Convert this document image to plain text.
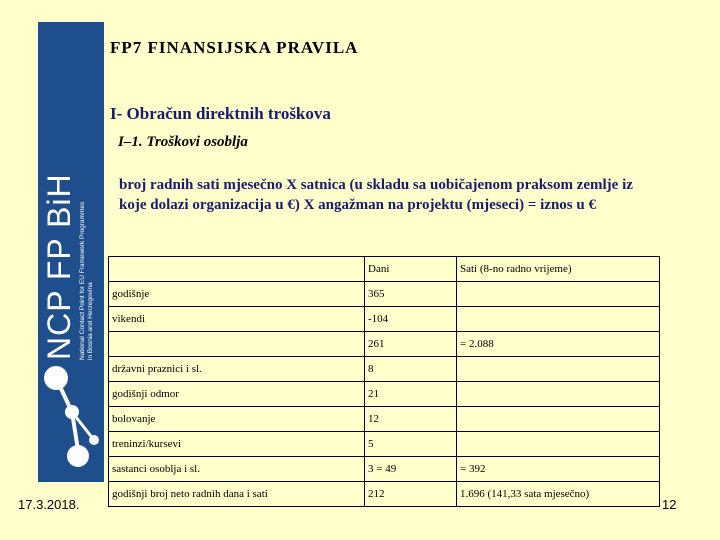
NCP FP BiH National Contact Point for EU Framework Programmes in Bosnia and Herzegovina
FP7 FINANSIJSKA PRAVILA
I- Obračun direktnih troškova
I–1. Troškovi osoblja
broj radnih sati mjesečno X satnica (u skladu sa uobičajenom praksom zemlje iz koje dolazi organizacija u €) X angažman na projektu (mjeseci) = iznos u €
	Dani	Sati (8-no radno vrijeme)
godišnje	365	
vikendi	-104	
	261	= 2.088
državni praznici i sl.	8	
godišnji odmor	21	
bolovanje	12	
treninzi/kursevi	5	
sastanci osoblja i sl.	3 = 49	= 392
godišnji broj neto radnih dana i sati	212	1.696 (141,33 sata mjesečno)
17.3.2018.	12
